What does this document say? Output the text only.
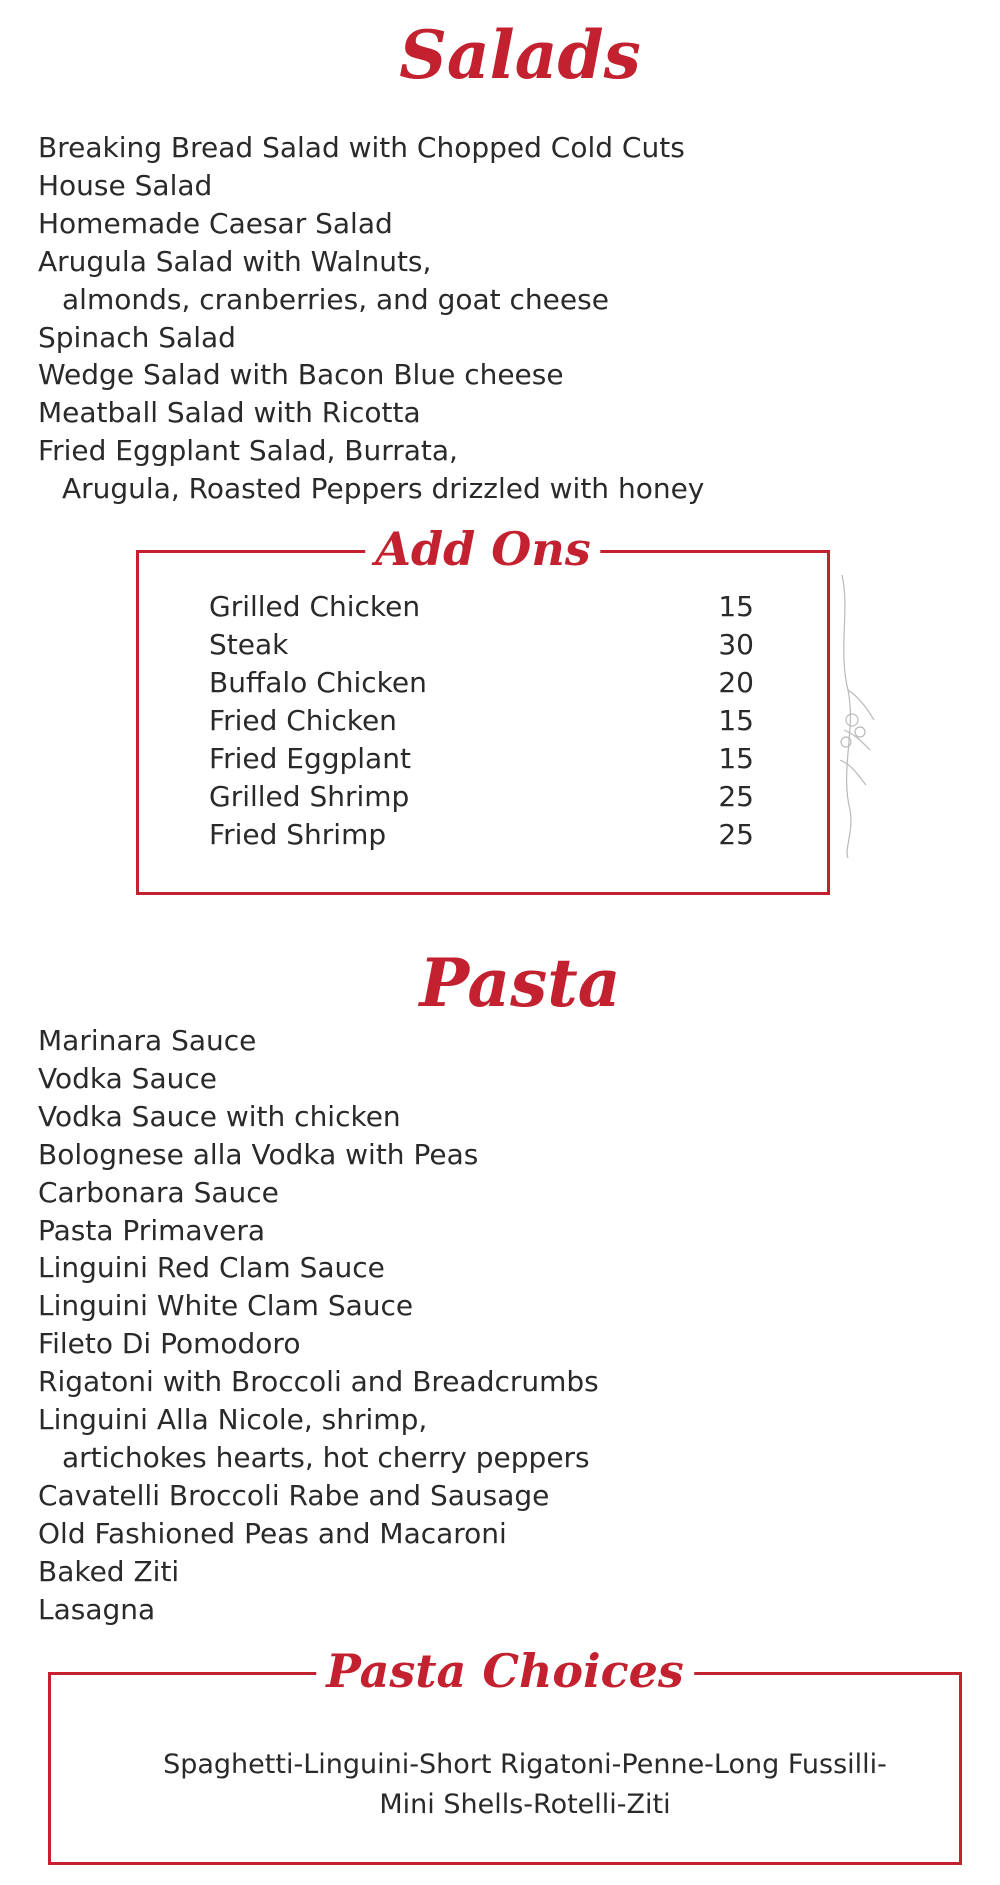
Salads
Breaking Bread Salad with Chopped Cold Cuts
House Salad
Homemade Caesar Salad
Arugula Salad with Walnuts,
almonds, cranberries, and goat cheese
Spinach Salad
Wedge Salad with Bacon Blue cheese
Meatball Salad with Ricotta
Fried Eggplant Salad, Burrata,
Arugula, Roasted Peppers drizzled with honey
Add Ons
Grilled Chicken	15
Steak	30
Buffalo Chicken	20
Fried Chicken	15
Fried Eggplant	15
Grilled Shrimp	25
Fried Shrimp	25
Pasta
Marinara Sauce
Vodka Sauce
Vodka Sauce with chicken
Bolognese alla Vodka with Peas
Carbonara Sauce
Pasta Primavera
Linguini Red Clam Sauce
Linguini White Clam Sauce
Fileto Di Pomodoro
Rigatoni with Broccoli and Breadcrumbs
Linguini Alla Nicole, shrimp,
artichokes hearts, hot cherry peppers
Cavatelli Broccoli Rabe and Sausage
Old Fashioned Peas and Macaroni
Baked Ziti
Lasagna
Pasta Choices
Spaghetti-Linguini-Short Rigatoni-Penne-Long Fussilli-
Mini Shells-Rotelli-Ziti
